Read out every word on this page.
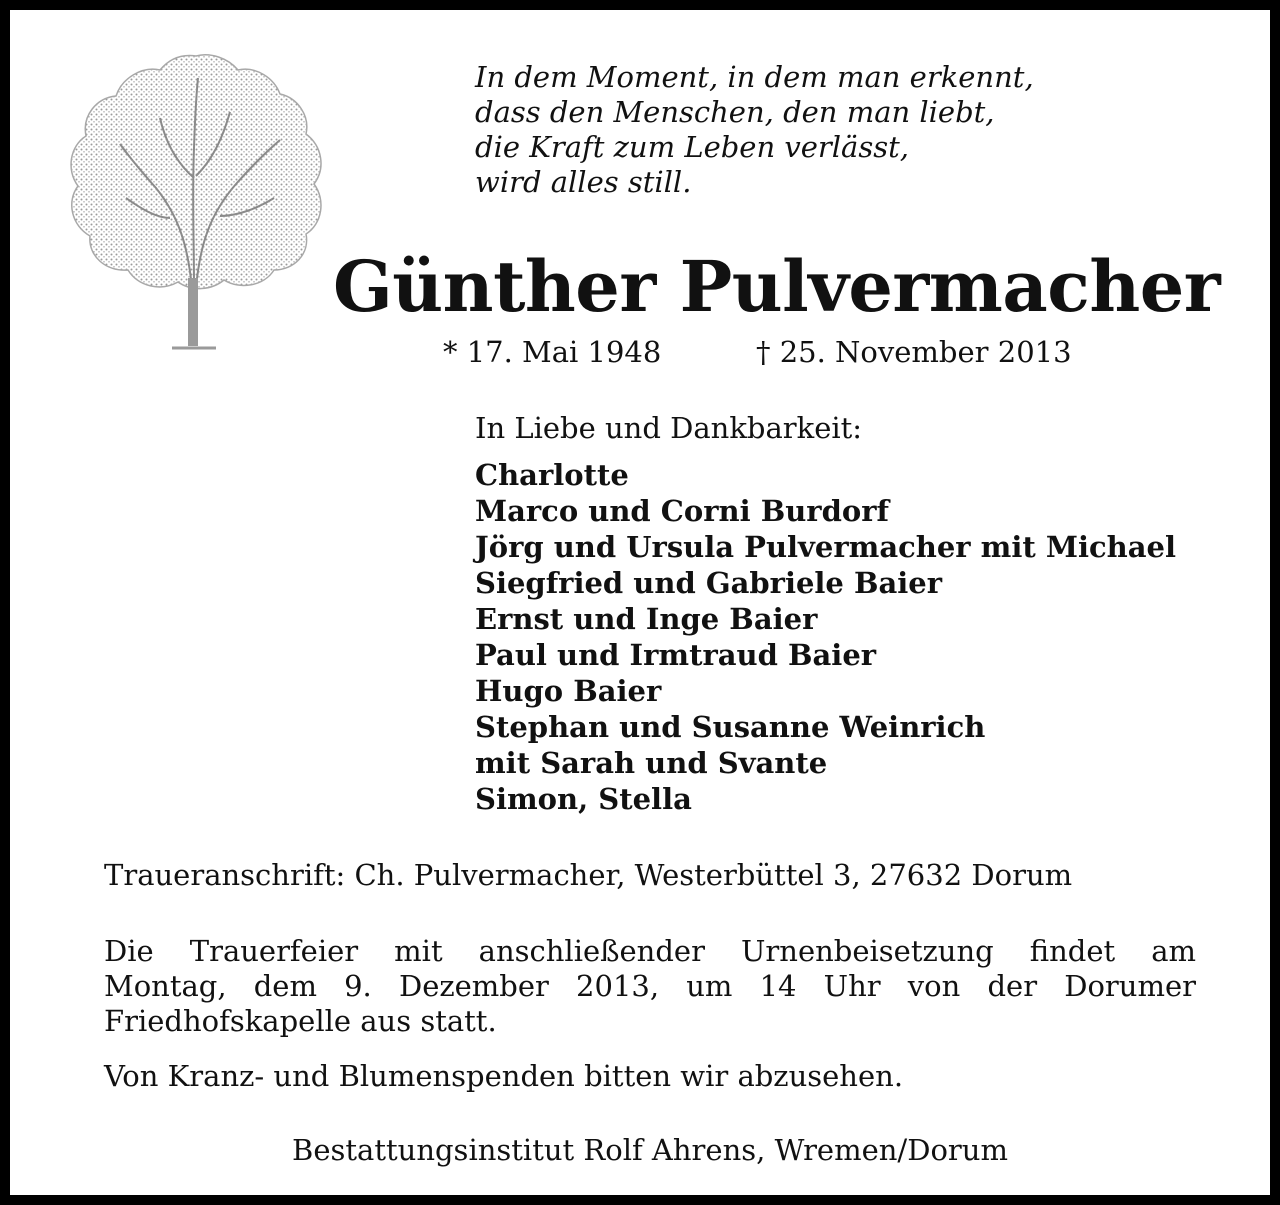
In dem Moment, in dem man erkennt,
dass den Menschen, den man liebt,
die Kraft zum Leben verlässt,
wird alles still.
Günther Pulvermacher
* 17. Mai 1948	† 25. November 2013
In Liebe und Dankbarkeit:
Charlotte
Marco und Corni Burdorf
Jörg und Ursula Pulvermacher mit Michael
Siegfried und Gabriele Baier
Ernst und Inge Baier
Paul und Irmtraud Baier
Hugo Baier
Stephan und Susanne Weinrich
mit Sarah und Svante
Simon, Stella
Traueranschrift: Ch. Pulvermacher, Westerbüttel 3, 27632 Dorum
Die Trauerfeier mit anschließender Urnenbeisetzung findet am
Montag, dem 9. Dezember 2013, um 14 Uhr von der Dorumer
Friedhofskapelle aus statt.
Von Kranz- und Blumenspenden bitten wir abzusehen.
Bestattungsinstitut Rolf Ahrens, Wremen/Dorum
